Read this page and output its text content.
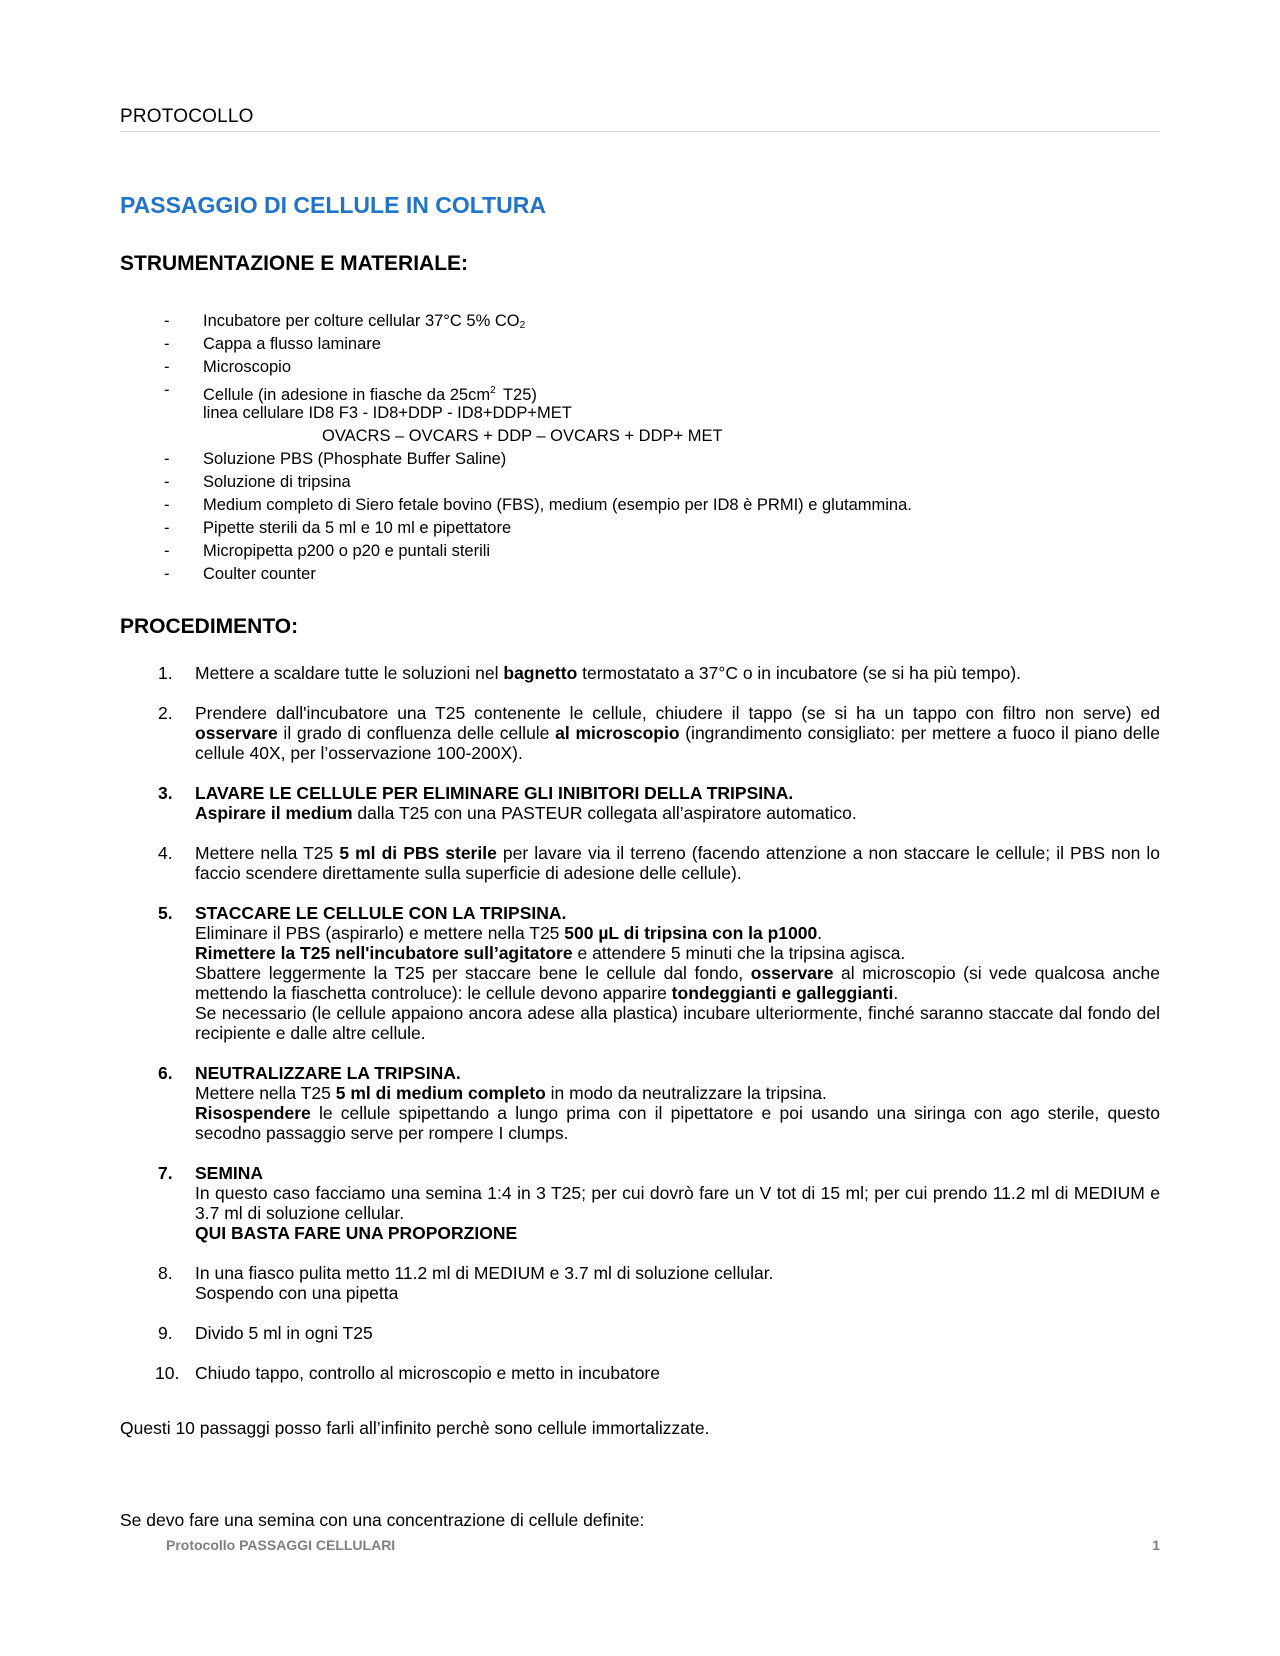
PROTOCOLLO
PASSAGGIO DI CELLULE IN COLTURA
STRUMENTAZIONE E MATERIALE:
- Incubatore per colture cellular 37°C 5% $CO_2$
- Cappa a flusso laminare
- Microscopio
- Cellule (in adesione in fiasche da $25cm^2$ T25)
linea cellulare ID8 F3 - ID8+DDP - ID8+DDP+MET
OVACRS – OVCARS + DDP – OVCARS + DDP+ MET
- Soluzione PBS (Phosphate Buffer Saline)
- Soluzione di tripsina
- Medium completo di Siero fetale bovino (FBS), medium (esempio per ID8 è PRMI) e glutammina.
- Pipette sterili da 5 ml e 10 ml e pipettatore
- Micropipetta p200 o p20 e puntali sterili
- Coulter counter
PROCEDIMENTO:
1. Mettere a scaldare tutte le soluzioni nel bagnetto termostatato a 37°C o in incubatore (se si ha più tempo).

2. Prendere dall'incubatore una T25 contenente le cellule, chiudere il tappo (se si ha un tappo con filtro non serve) ed osservare il grado di confluenza delle cellule al microscopio (ingrandimento consigliato: per mettere a fuoco il piano delle cellule 40X, per l’osservazione 100-200X).

3. LAVARE LE CELLULE PER ELIMINARE GLI INIBITORI DELLA TRIPSINA.

Aspirare il medium dalla T25 con una PASTEUR collegata all’aspiratore automatico.

4. Mettere nella T25 5 ml di PBS sterile per lavare via il terreno (facendo attenzione a non staccare le cellule; il PBS non lo faccio scendere direttamente sulla superficie di adesione delle cellule).

5. STACCARE LE CELLULE CON LA TRIPSINA.

Eliminare il PBS (aspirarlo) e mettere nella T25 500 µL di tripsina con la p1000.

Rimettere la T25 nell'incubatore sull’agitatore e attendere 5 minuti che la tripsina agisca.

Sbattere leggermente la T25 per staccare bene le cellule dal fondo, osservare al microscopio (si vede qualcosa anche mettendo la fiaschetta controluce): le cellule devono apparire tondeggianti e galleggianti.

Se necessario (le cellule appaiono ancora adese alla plastica) incubare ulteriormente, finché saranno staccate dal fondo del recipiente e dalle altre cellule.

6. NEUTRALIZZARE LA TRIPSINA.

Mettere nella T25 5 ml di medium completo in modo da neutralizzare la tripsina.

Risospendere le cellule spipettando a lungo prima con il pipettatore e poi usando una siringa con ago sterile, questo secodno passaggio serve per rompere I clumps.

7. SEMINA

In questo caso facciamo una semina 1:4 in 3 T25; per cui dovrò fare un V tot di 15 ml; per cui prendo 11.2 ml di MEDIUM e 3.7 ml di soluzione cellular.

QUI BASTA FARE UNA PROPORZIONE

8. In una fiasco pulita metto 11.2 ml di MEDIUM e 3.7 ml di soluzione cellular.

Sospendo con una pipetta

9. Divido 5 ml in ogni T25

10. Chiudo tappo, controllo al microscopio e metto in incubatore

Questi 10 passaggi posso farli all’infinito perchè sono cellule immortalizzate.

Se devo fare una semina con una concentrazione di cellule definite:

Protocollo PASSAGGI CELLULARI	1
